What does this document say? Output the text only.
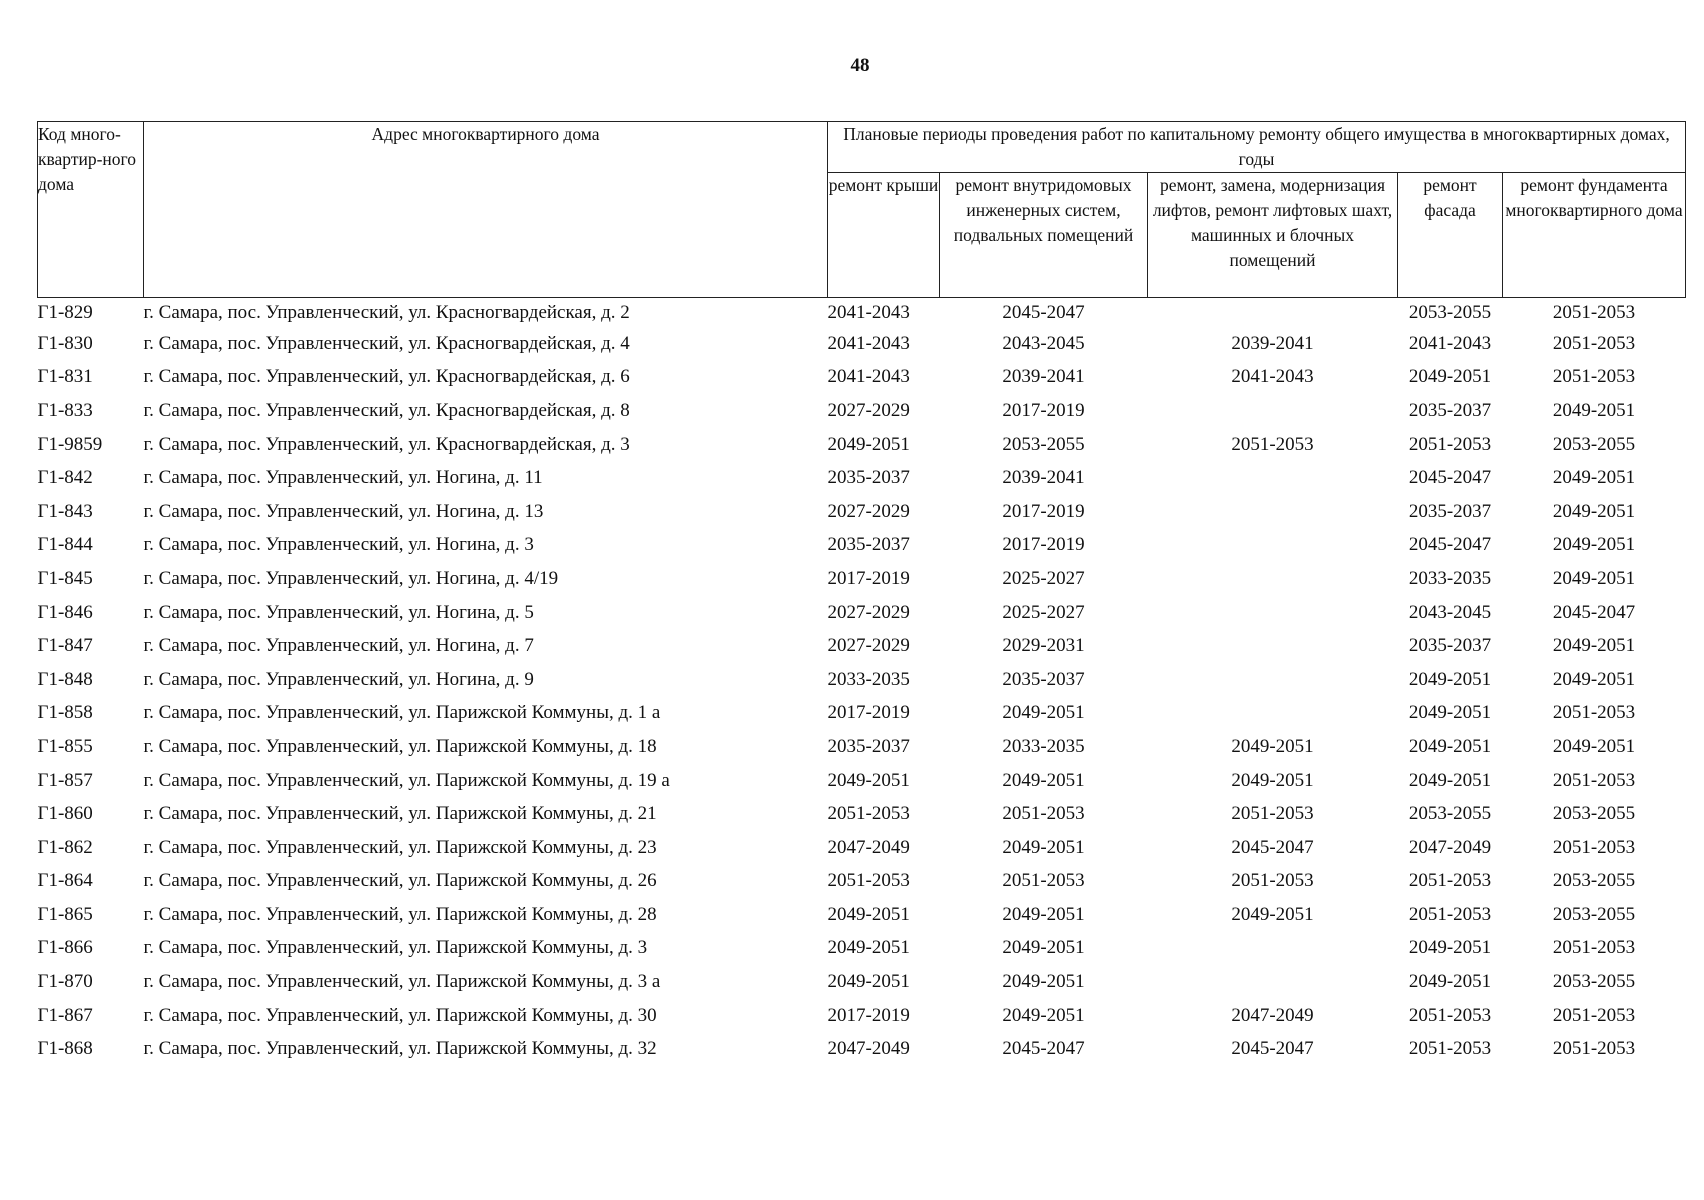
48
Код много-квартир-ного дома	Адрес многоквартирного дома	Плановые периоды проведения работ по капитальному ремонту общего имущества в многоквартирных домах, годы				
		ремонт крыши	ремонт внутридомовых инженерных систем, подвальных помещений	ремонт, замена, модернизация лифтов, ремонт лифтовых шахт, машинных и блочных помещений	ремонт фасада	ремонт фундамента многоквартирного дома
Г1-829	г. Самара, пос. Управленческий, ул. Красногвардейская, д. 2	2041-2043	2045-2047		2053-2055	2051-2053
Г1-830	г. Самара, пос. Управленческий, ул. Красногвардейская, д. 4	2041-2043	2043-2045	2039-2041	2041-2043	2051-2053
Г1-831	г. Самара, пос. Управленческий, ул. Красногвардейская, д. 6	2041-2043	2039-2041	2041-2043	2049-2051	2051-2053
Г1-833	г. Самара, пос. Управленческий, ул. Красногвардейская, д. 8	2027-2029	2017-2019		2035-2037	2049-2051
Г1-9859	г. Самара, пос. Управленческий, ул. Красногвардейская, д. 3	2049-2051	2053-2055	2051-2053	2051-2053	2053-2055
Г1-842	г. Самара, пос. Управленческий, ул. Ногина, д. 11	2035-2037	2039-2041		2045-2047	2049-2051
Г1-843	г. Самара, пос. Управленческий, ул. Ногина, д. 13	2027-2029	2017-2019		2035-2037	2049-2051
Г1-844	г. Самара, пос. Управленческий, ул. Ногина, д. 3	2035-2037	2017-2019		2045-2047	2049-2051
Г1-845	г. Самара, пос. Управленческий, ул. Ногина, д. 4/19	2017-2019	2025-2027		2033-2035	2049-2051
Г1-846	г. Самара, пос. Управленческий, ул. Ногина, д. 5	2027-2029	2025-2027		2043-2045	2045-2047
Г1-847	г. Самара, пос. Управленческий, ул. Ногина, д. 7	2027-2029	2029-2031		2035-2037	2049-2051
Г1-848	г. Самара, пос. Управленческий, ул. Ногина, д. 9	2033-2035	2035-2037		2049-2051	2049-2051
Г1-858	г. Самара, пос. Управленческий, ул. Парижской Коммуны, д. 1 а	2017-2019	2049-2051		2049-2051	2051-2053
Г1-855	г. Самара, пос. Управленческий, ул. Парижской Коммуны, д. 18	2035-2037	2033-2035	2049-2051	2049-2051	2049-2051
Г1-857	г. Самара, пос. Управленческий, ул. Парижской Коммуны, д. 19 а	2049-2051	2049-2051	2049-2051	2049-2051	2051-2053
Г1-860	г. Самара, пос. Управленческий, ул. Парижской Коммуны, д. 21	2051-2053	2051-2053	2051-2053	2053-2055	2053-2055
Г1-862	г. Самара, пос. Управленческий, ул. Парижской Коммуны, д. 23	2047-2049	2049-2051	2045-2047	2047-2049	2051-2053
Г1-864	г. Самара, пос. Управленческий, ул. Парижской Коммуны, д. 26	2051-2053	2051-2053	2051-2053	2051-2053	2053-2055
Г1-865	г. Самара, пос. Управленческий, ул. Парижской Коммуны, д. 28	2049-2051	2049-2051	2049-2051	2051-2053	2053-2055
Г1-866	г. Самара, пос. Управленческий, ул. Парижской Коммуны, д. 3	2049-2051	2049-2051		2049-2051	2051-2053
Г1-870	г. Самара, пос. Управленческий, ул. Парижской Коммуны, д. 3 а	2049-2051	2049-2051		2049-2051	2053-2055
Г1-867	г. Самара, пос. Управленческий, ул. Парижской Коммуны, д. 30	2017-2019	2049-2051	2047-2049	2051-2053	2051-2053
Г1-868	г. Самара, пос. Управленческий, ул. Парижской Коммуны, д. 32	2047-2049	2045-2047	2045-2047	2051-2053	2051-2053
